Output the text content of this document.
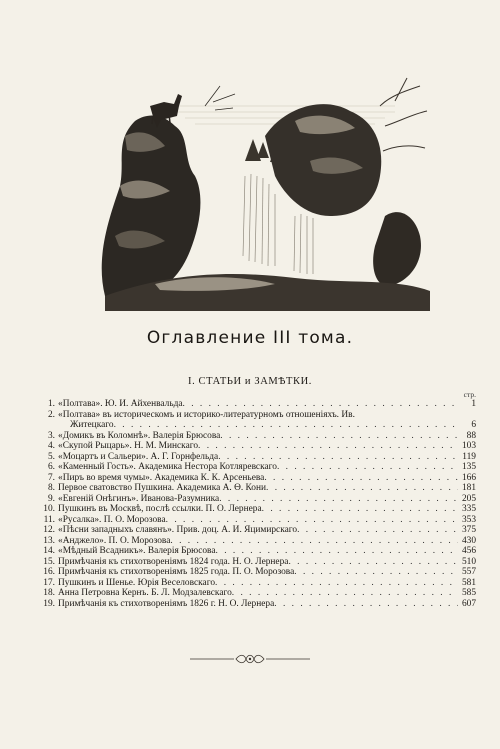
Оглавление III тома.
I. СТАТЬИ и ЗАМѢТКИ.
стр.
1. «Полтава». Ю. И. Айхенвальда . . .	1
2. «Полтава» въ историческомъ и историко-литературномъ отношеніяхъ. Ив.
Житецкаго . . .	6
3. «Домикъ въ Коломнѣ». Валерія Брюсова . . .	88
4. «Скупой Рыцарь». Н. М. Минскаго . . .	103
5. «Моцартъ и Сальери». А. Г. Горнфельда . . .	119
6. «Каменный Гость». Академика Нестора Котляревскаго . . .	135
7. «Пиръ во время чумы». Академика К. К. Арсеньева . . .	166
8. Первое сватовство Пушкина. Академика А. Ѳ. Кони . . .	181
9. «Евгеній Онѣгинъ». Иванова-Разумника . . .	205
10. Пушкинъ въ Москвѣ, послѣ ссылки. П. О. Лернера . . .	335
11. «Русалка». П. О. Морозова . . .	353
12. «Пѣсни западныхъ славянъ». Прив. доц. А. И. Яцимирскаго . . .	375
13. «Анджело». П. О. Морозова . . .	430
14. «Мѣдный Всадникъ». Валерія Брюсова . . .	456
15. Примѣчанія къ стихотвореніямъ 1824 года. Н. О. Лернера . . .	510
16. Примѣчанія къ стихотвореніямъ 1825 года. П. О. Морозова . . .	557
17. Пушкинъ и Шенье. Юрія Веселовскаго . . .	581
18. Анна Петровна Кернъ. Б. Л. Модзалевскаго . . .	585
19. Примѣчанія къ стихотвореніямъ 1826 г. Н. О. Лернера . . .	607
